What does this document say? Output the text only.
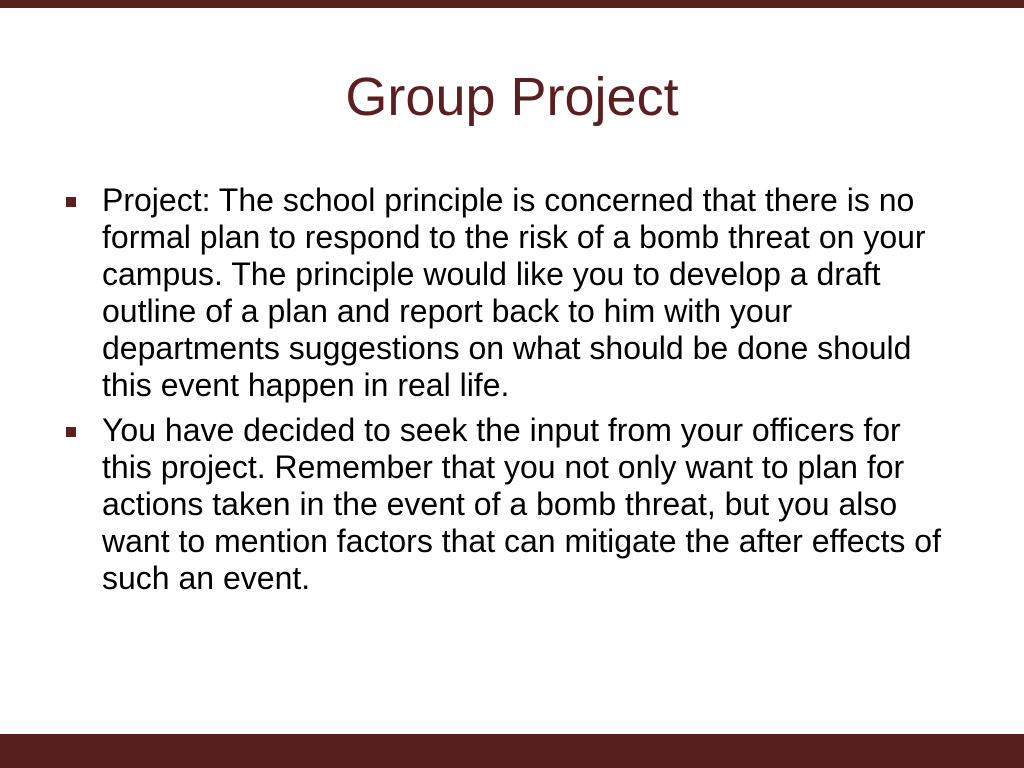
Group Project
Project: The school principle is concerned that there is no formal plan to respond to the risk of a bomb threat on your campus. The principle would like you to develop a draft outline of a plan and report back to him with your departments suggestions on what should be done should this event happen in real life.
You have decided to seek the input from your officers for this project. Remember that you not only want to plan for actions taken in the event of a bomb threat, but you also want to mention factors that can mitigate the after effects of such an event.
